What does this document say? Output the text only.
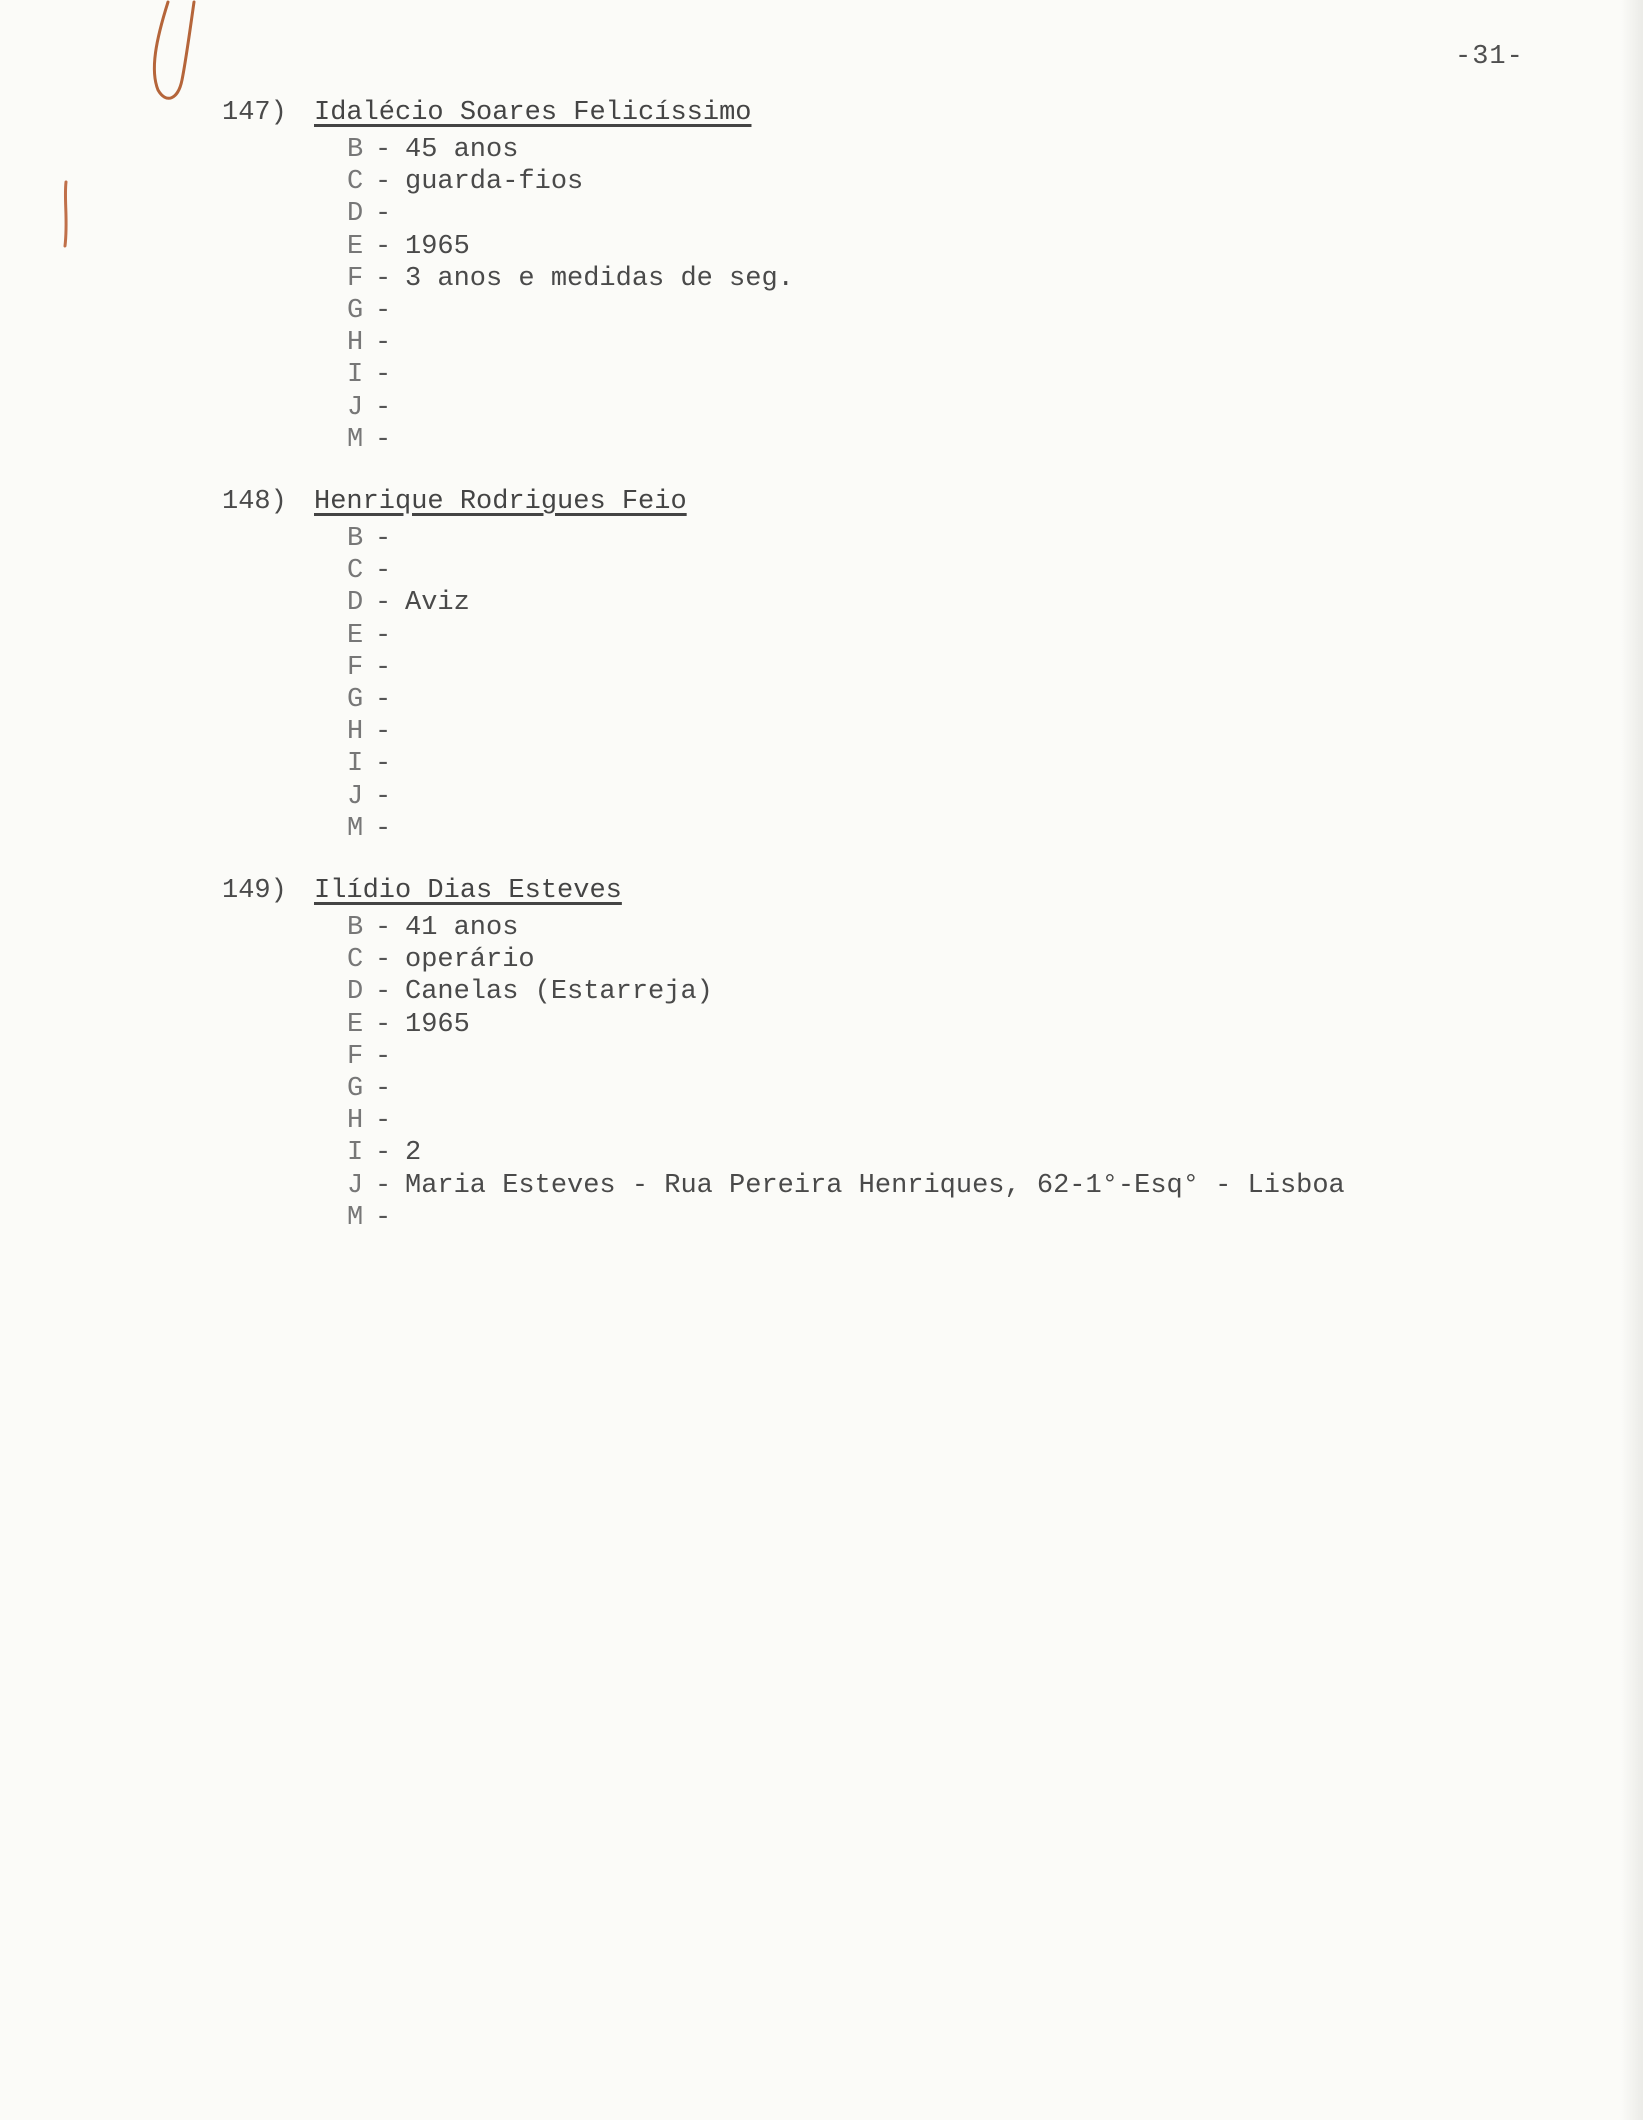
-31-
147)	Idalécio Soares Felicíssimo
B - 45 anos
C - guarda-fios
D -
E - 1965
F - 3 anos e medidas de seg.
G -
H -
I -
J -
M -
148)	Henrique Rodrigues Feio
B -
C -
D - Aviz
E -
F -
G -
H -
I -
J -
M -
149)	Ilídio Dias Esteves
B - 41 anos
C - operário
D - Canelas (Estarreja)
E - 1965
F -
G -
H -
I - 2
J - Maria Esteves - Rua Pereira Henriques, 62-1°-Esq° - Lisboa
M -
